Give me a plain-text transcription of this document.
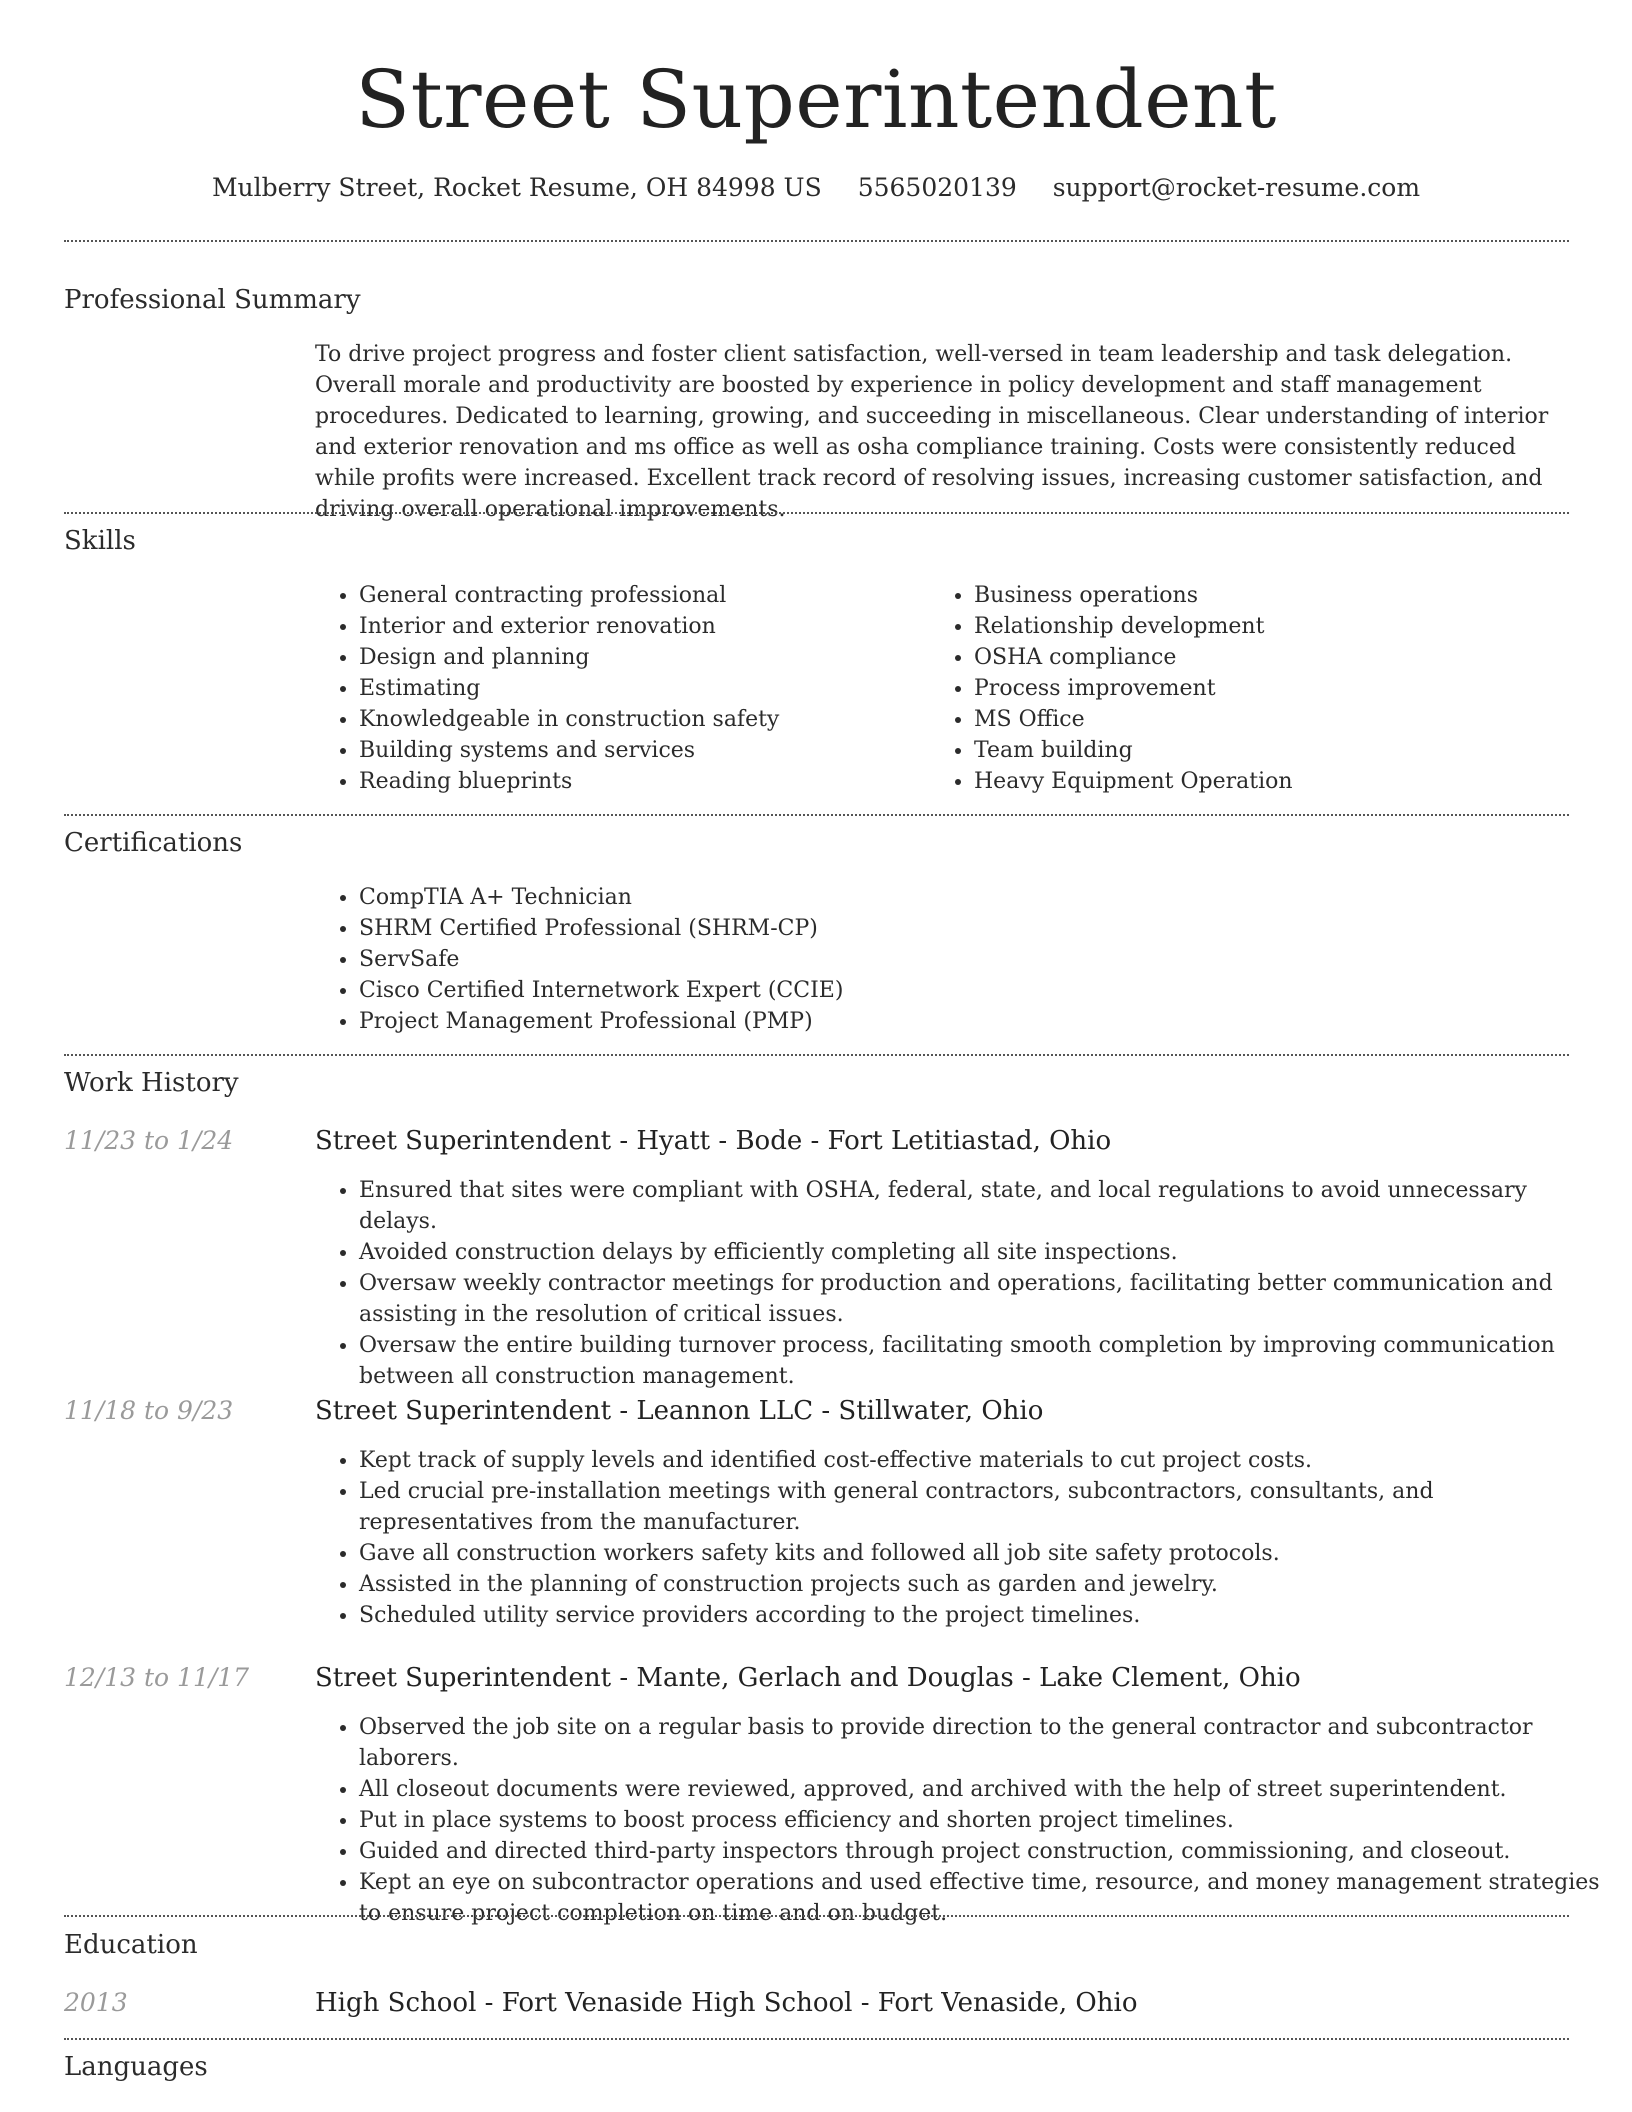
Street Superintendent
Mulberry Street, Rocket Resume, OH 84998 US 5565020139 support@rocket-resume.com
Professional Summary

To drive project progress and foster client satisfaction, well-versed in team leadership and task delegation. Overall morale and productivity are boosted by experience in policy development and staff management procedures. Dedicated to learning, growing, and succeeding in miscellaneous. Clear understanding of interior and exterior renovation and ms office as well as osha compliance training. Costs were consistently reduced while profits were increased. Excellent track record of resolving issues, increasing customer satisfaction, and driving overall operational improvements.

Skills
• General contracting professional
• Interior and exterior renovation
• Design and planning
• Estimating
• Knowledgeable in construction safety
• Building systems and services
• Reading blueprints
• Business operations
• Relationship development
• OSHA compliance
• Process improvement
• MS Office
• Team building
• Heavy Equipment Operation
Certifications
• CompTIA A+ Technician
• SHRM Certified Professional (SHRM-CP)
• ServSafe
• Cisco Certified Internetwork Expert (CCIE)
• Project Management Professional (PMP)
Work History
11/23 to 1/24	Street Superintendent - Hyatt - Bode - Fort Letitiastad, Ohio
• Ensured that sites were compliant with OSHA, federal, state, and local regulations to avoid unnecessary delays.
• Avoided construction delays by efficiently completing all site inspections.
• Oversaw weekly contractor meetings for production and operations, facilitating better communication and assisting in the resolution of critical issues.
• Oversaw the entire building turnover process, facilitating smooth completion by improving communication between all construction management.
11/18 to 9/23	Street Superintendent - Leannon LLC - Stillwater, Ohio
• Kept track of supply levels and identified cost-effective materials to cut project costs.
• Led crucial pre-installation meetings with general contractors, subcontractors, consultants, and representatives from the manufacturer.
• Gave all construction workers safety kits and followed all job site safety protocols.
• Assisted in the planning of construction projects such as garden and jewelry.
• Scheduled utility service providers according to the project timelines.
12/13 to 11/17	Street Superintendent - Mante, Gerlach and Douglas - Lake Clement, Ohio
• Observed the job site on a regular basis to provide direction to the general contractor and subcontractor laborers.
• All closeout documents were reviewed, approved, and archived with the help of street superintendent.
• Put in place systems to boost process efficiency and shorten project timelines.
• Guided and directed third-party inspectors through project construction, commissioning, and closeout.
• Kept an eye on subcontractor operations and used effective time, resource, and money management strategies to ensure project completion on time and on budget.
Education
2013	High School - Fort Venaside High School - Fort Venaside, Ohio
Languages
